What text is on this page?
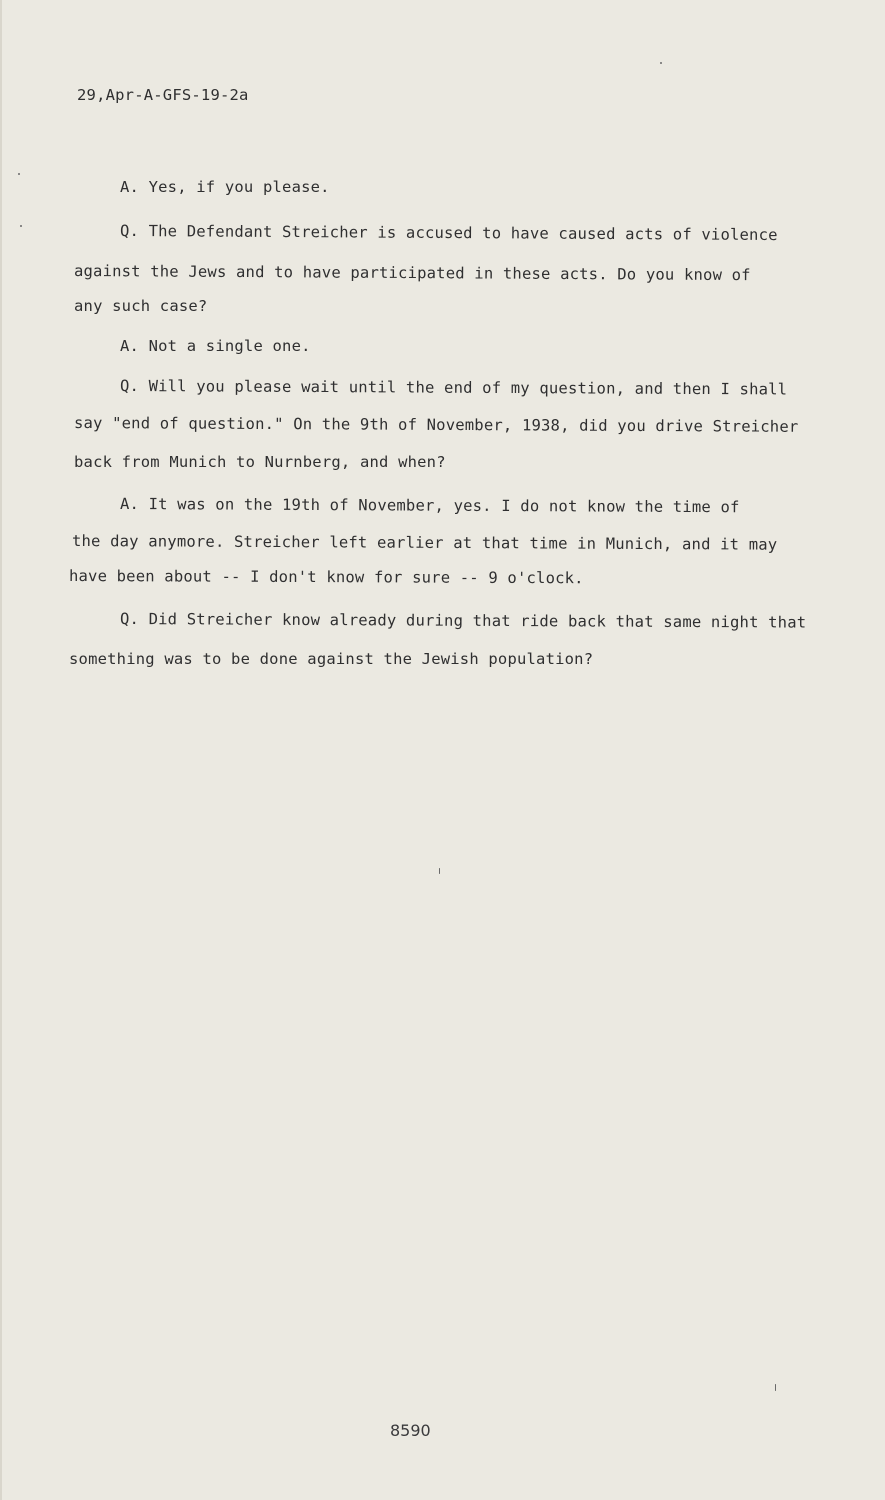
29,Apr-A-GFS-19-2a
A. Yes, if you please.
Q. The Defendant Streicher is accused to have caused acts of violence
against the Jews and to have participated in these acts. Do you know of
any such case?
A. Not a single one.
Q. Will you please wait until the end of my question, and then I shall
say "end of question." On the 9th of November, 1938, did you drive Streicher
back from Munich to Nurnberg, and when?
A. It was on the 19th of November, yes. I do not know the time of
the day anymore. Streicher left earlier at that time in Munich, and it may
have been about -- I don't know for sure -- 9 o'clock.
Q. Did Streicher know already during that ride back that same night that
something was to be done against the Jewish population?
8590
